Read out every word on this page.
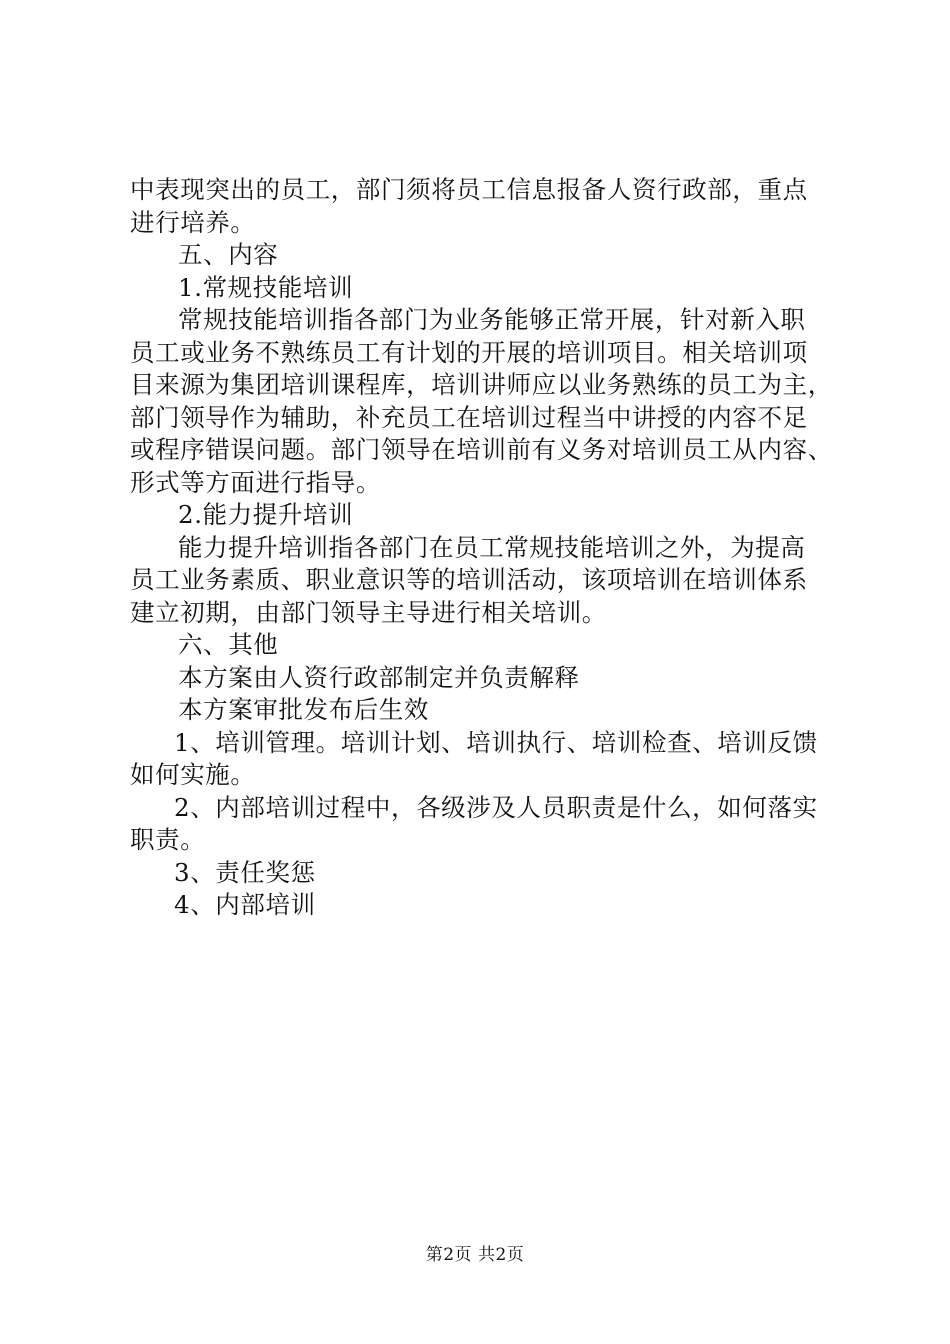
中表现突出的员工，部门须将员工信息报备人资行政部，重点
进行培养。
五、内容
1.常规技能培训
常规技能培训指各部门为业务能够正常开展，针对新入职
员工或业务不熟练员工有计划的开展的培训项目。相关培训项
目来源为集团培训课程库，培训讲师应以业务熟练的员工为主，
部门领导作为辅助，补充员工在培训过程当中讲授的内容不足
或程序错误问题。部门领导在培训前有义务对培训员工从内容、
形式等方面进行指导。
2.能力提升培训
能力提升培训指各部门在员工常规技能培训之外，为提高
员工业务素质、职业意识等的培训活动，该项培训在培训体系
建立初期，由部门领导主导进行相关培训。
六、其他
本方案由人资行政部制定并负责解释
本方案审批发布后生效
1、培训管理。培训计划、培训执行、培训检查、培训反馈
如何实施。
2、内部培训过程中，各级涉及人员职责是什么，如何落实
职责。
3、责任奖惩
4、内部培训
第2页 共2页
